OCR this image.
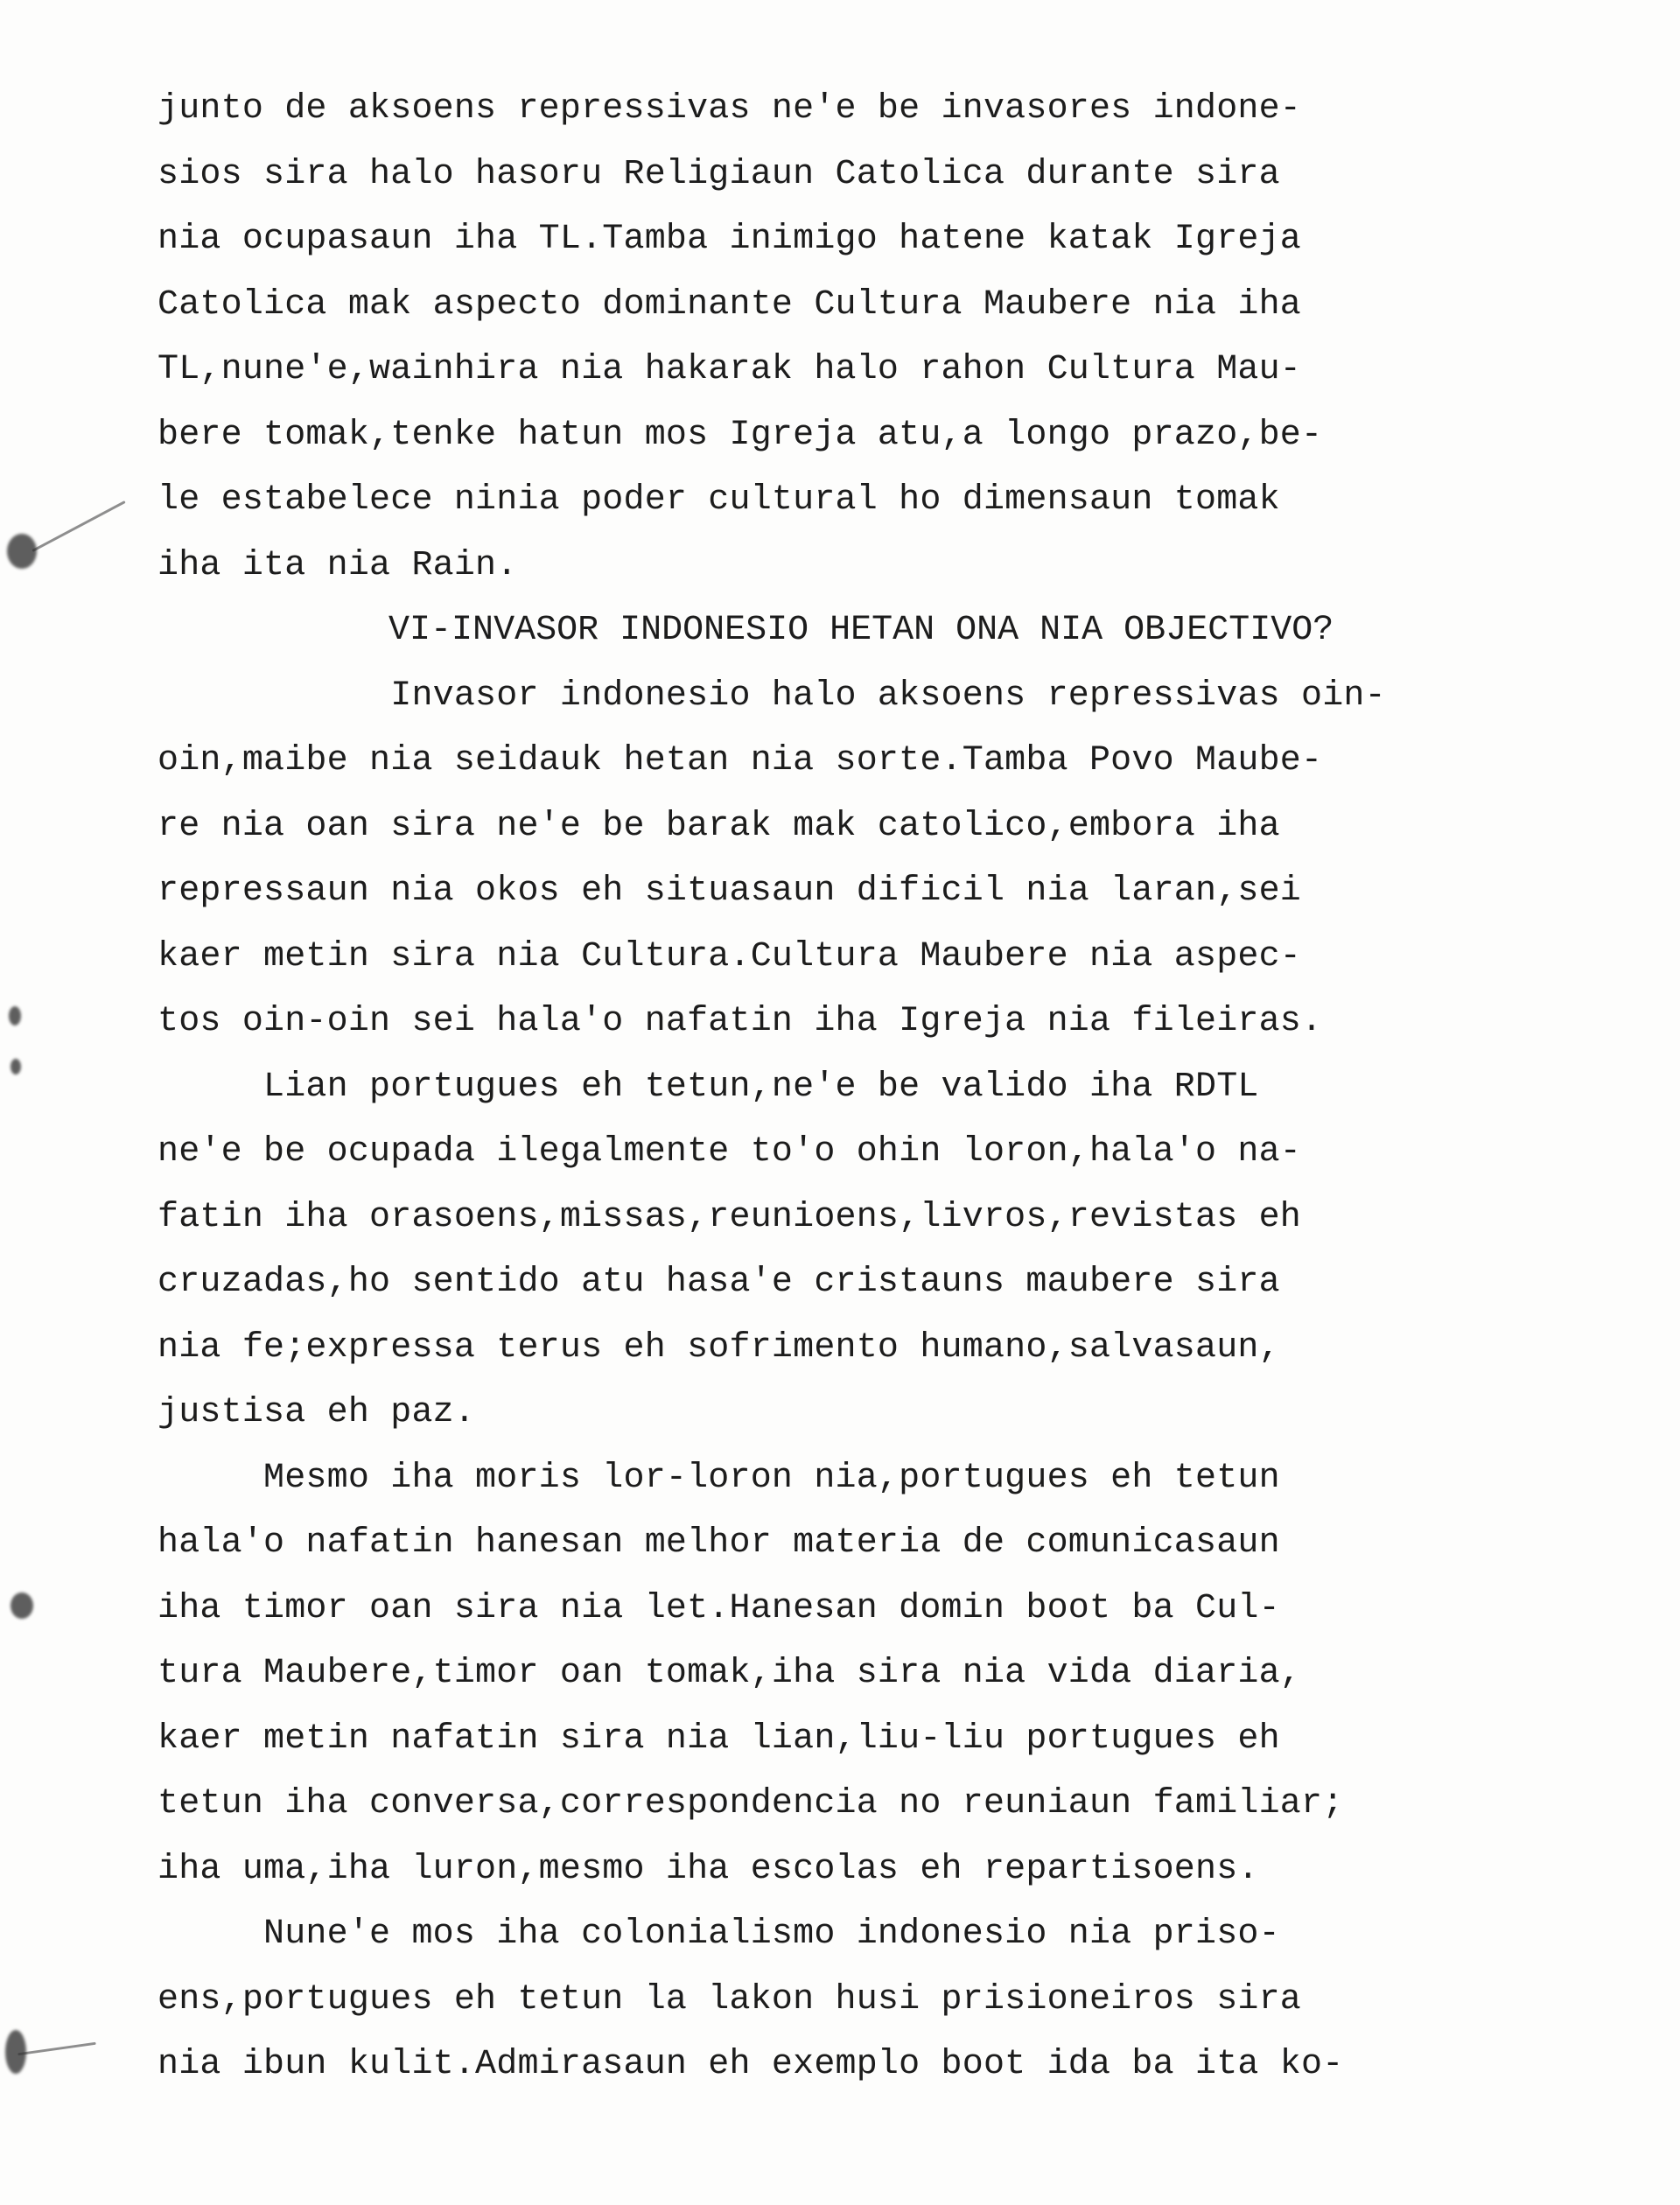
junto de aksoens repressivas ne'e be invasores indone-
sios sira halo hasoru Religiaun Catolica durante sira
nia ocupasaun iha TL.Tamba inimigo hatene katak Igreja
Catolica mak aspecto dominante Cultura Maubere nia iha
TL,nune'e,wainhira nia hakarak halo rahon Cultura Mau-
bere tomak,tenke hatun mos Igreja atu,a longo prazo,be-
le estabelece ninia poder cultural ho dimensaun tomak
iha ita nia Rain.
VI-INVASOR INDONESIO HETAN ONA NIA OBJECTIVO?
Invasor indonesio halo aksoens repressivas oin-
oin,maibe nia seidauk hetan nia sorte.Tamba Povo Maube-
re nia oan sira ne'e be barak mak catolico,embora iha
repressaun nia okos eh situasaun dificil nia laran,sei
kaer metin sira nia Cultura.Cultura Maubere nia aspec-
tos oin-oin sei hala'o nafatin iha Igreja nia fileiras.
Lian portugues eh tetun,ne'e be valido iha RDTL
ne'e be ocupada ilegalmente to'o ohin loron,hala'o na-
fatin iha orasoens,missas,reunioens,livros,revistas eh
cruzadas,ho sentido atu hasa'e cristauns maubere sira
nia fe;expressa terus eh sofrimento humano,salvasaun,
justisa eh paz.
Mesmo iha moris lor-loron nia,portugues eh tetun
hala'o nafatin hanesan melhor materia de comunicasaun
iha timor oan sira nia let.Hanesan domin boot ba Cul-
tura Maubere,timor oan tomak,iha sira nia vida diaria,
kaer metin nafatin sira nia lian,liu-liu portugues eh
tetun iha conversa,correspondencia no reuniaun familiar;
iha uma,iha luron,mesmo iha escolas eh repartisoens.
Nune'e mos iha colonialismo indonesio nia priso-
ens,portugues eh tetun la lakon husi prisioneiros sira
nia ibun kulit.Admirasaun eh exemplo boot ida ba ita ko-
